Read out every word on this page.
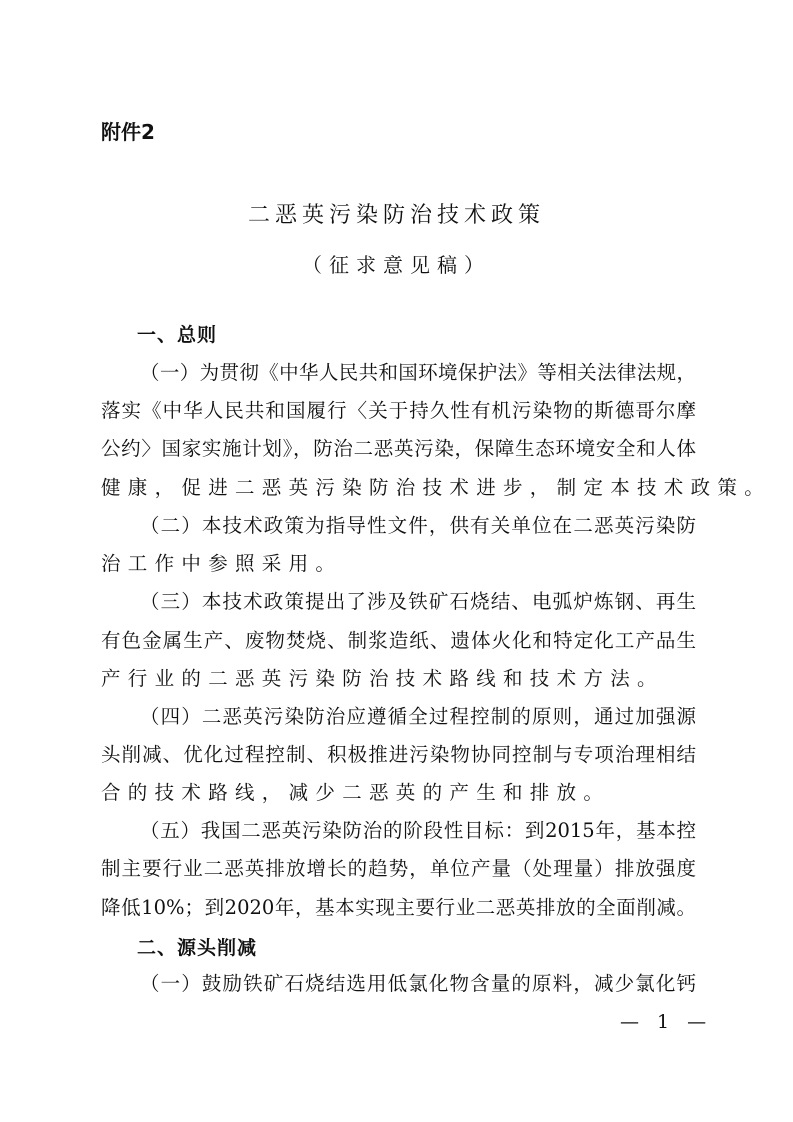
附件2
二恶英污染防治技术政策
（征求意见稿）
一、总则
（一）为贯彻《中华人民共和国环境保护法》等相关法律法规，
落实《中华人民共和国履行〈关于持久性有机污染物的斯德哥尔摩
公约〉国家实施计划》，防治二恶英污染，保障生态环境安全和人体
健康，促进二恶英污染防治技术进步，制定本技术政策。
（二）本技术政策为指导性文件，供有关单位在二恶英污染防
治工作中参照采用。
（三）本技术政策提出了涉及铁矿石烧结、电弧炉炼钢、再生
有色金属生产、废物焚烧、制浆造纸、遗体火化和特定化工产品生
产行业的二恶英污染防治技术路线和技术方法。
（四）二恶英污染防治应遵循全过程控制的原则，通过加强源
头削减、优化过程控制、积极推进污染物协同控制与专项治理相结
合的技术路线，减少二恶英的产生和排放。
（五）我国二恶英污染防治的阶段性目标：到2015年，基本控
制主要行业二恶英排放增长的趋势，单位产量（处理量）排放强度
降低10%；到2020年，基本实现主要行业二恶英排放的全面削减。
二、源头削减
（一）鼓励铁矿石烧结选用低氯化物含量的原料，减少氯化钙
— 1 —
